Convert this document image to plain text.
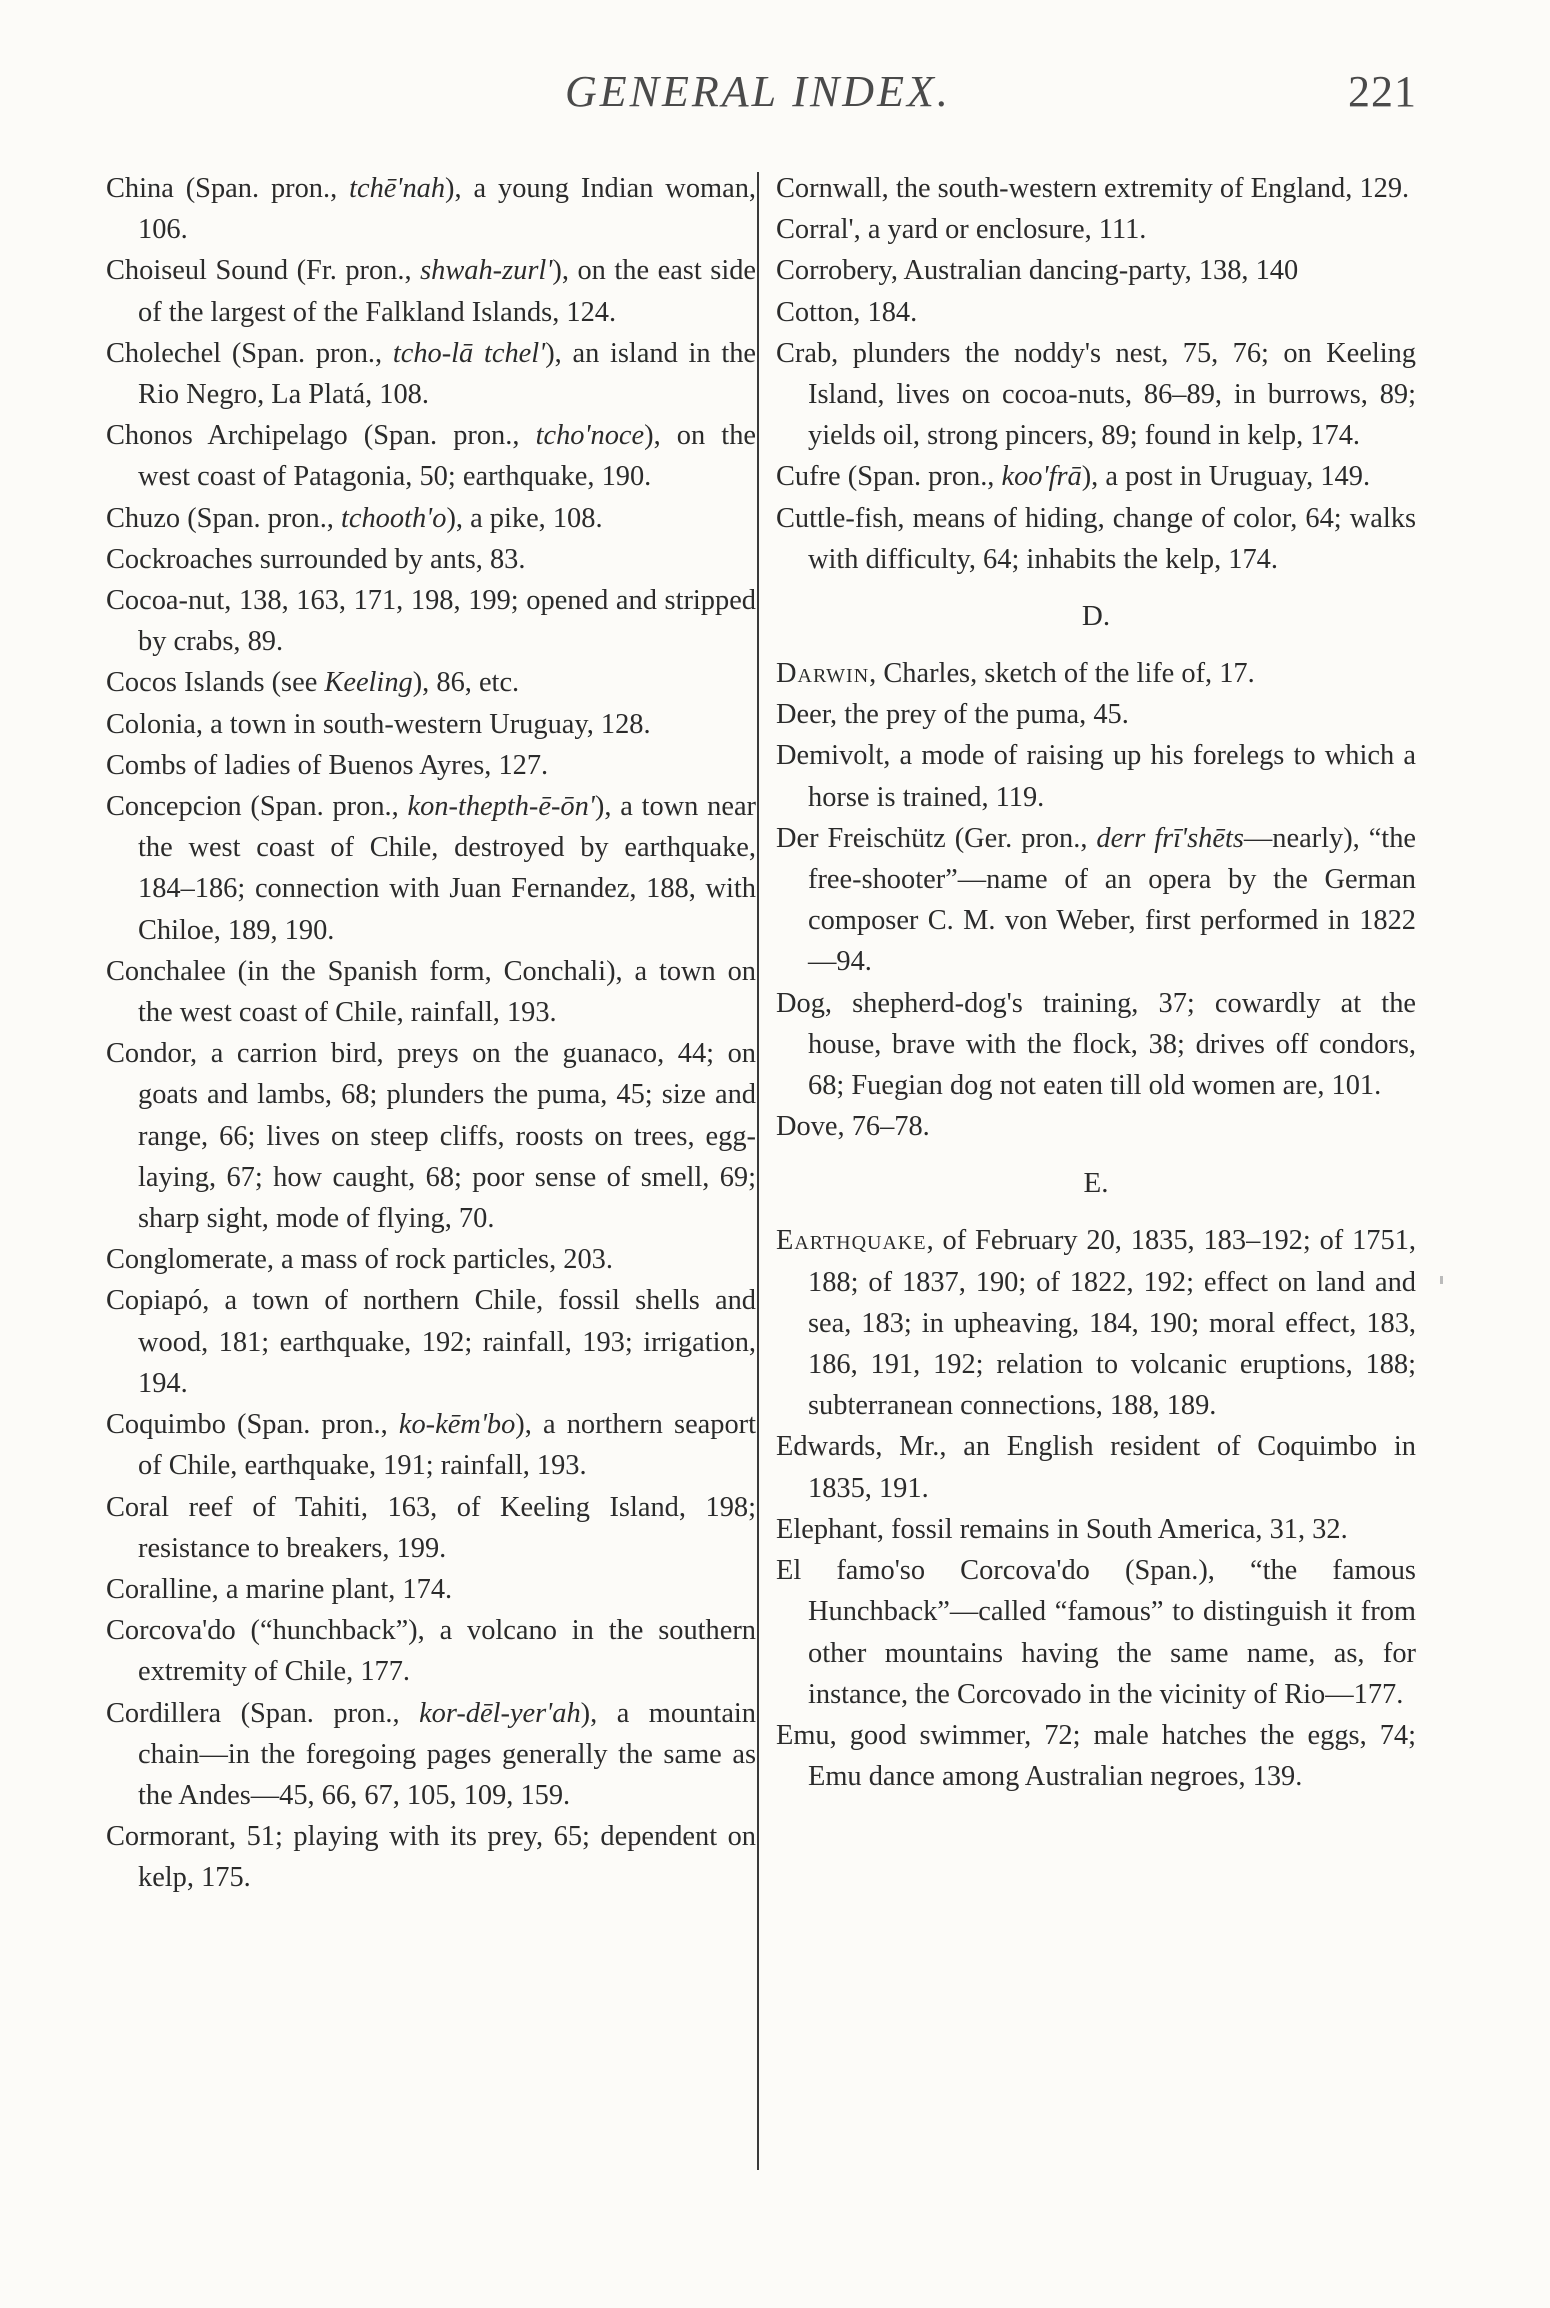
GENERAL INDEX.	221

China (Span. pron., tchē'nah), a young Indian woman, 106.

Choiseul Sound (Fr. pron., shwah-zurl'), on the east side of the largest of the Falkland Islands, 124.

Cholechel (Span. pron., tcho-lā tchel'), an island in the Rio Negro, La Platá, 108.

Chonos Archipelago (Span. pron., tcho'noce), on the west coast of Patagonia, 50; earthquake, 190.

Chuzo (Span. pron., tchooth'o), a pike, 108.

Cockroaches surrounded by ants, 83.

Cocoa-nut, 138, 163, 171, 198, 199; opened and stripped by crabs, 89.

Cocos Islands (see Keeling), 86, etc.

Colonia, a town in south-western Uruguay, 128.

Combs of ladies of Buenos Ayres, 127.

Concepcion (Span. pron., kon-thepth-ē-ōn'), a town near the west coast of Chile, destroyed by earthquake, 184–186; connection with Juan Fernandez, 188, with Chiloe, 189, 190.

Conchalee (in the Spanish form, Conchali), a town on the west coast of Chile, rainfall, 193.

Condor, a carrion bird, preys on the guanaco, 44; on goats and lambs, 68; plunders the puma, 45; size and range, 66; lives on steep cliffs, roosts on trees, egg-laying, 67; how caught, 68; poor sense of smell, 69; sharp sight, mode of flying, 70.

Conglomerate, a mass of rock particles, 203.

Copiapó, a town of northern Chile, fossil shells and wood, 181; earthquake, 192; rainfall, 193; irrigation, 194.

Coquimbo (Span. pron., ko-kēm'bo), a northern seaport of Chile, earthquake, 191; rainfall, 193.

Coral reef of Tahiti, 163, of Keeling Island, 198; resistance to breakers, 199.

Coralline, a marine plant, 174.

Corcova'do (“hunchback”), a volcano in the southern extremity of Chile, 177.

Cordillera (Span. pron., kor-dēl-yer'ah), a mountain chain—in the foregoing pages generally the same as the Andes—45, 66, 67, 105, 109, 159.

Cormorant, 51; playing with its prey, 65; dependent on kelp, 175.

Cornwall, the south-western extremity of England, 129.

Corral', a yard or enclosure, 111.

Corrobery, Australian dancing-party, 138, 140

Cotton, 184.

Crab, plunders the noddy's nest, 75, 76; on Keeling Island, lives on cocoa-nuts, 86–89, in burrows, 89; yields oil, strong pincers, 89; found in kelp, 174.

Cufre (Span. pron., koo'frā), a post in Uruguay, 149.

Cuttle-fish, means of hiding, change of color, 64; walks with difficulty, 64; inhabits the kelp, 174.

D.

Darwin, Charles, sketch of the life of, 17.

Deer, the prey of the puma, 45.

Demivolt, a mode of raising up his forelegs to which a horse is trained, 119.

Der Freischütz (Ger. pron., derr frī'shēts—nearly), “the free-shooter”—name of an opera by the German composer C. M. von Weber, first performed in 1822—94.

Dog, shepherd-dog's training, 37; cowardly at the house, brave with the flock, 38; drives off condors, 68; Fuegian dog not eaten till old women are, 101.

Dove, 76–78.

E.

Earthquake, of February 20, 1835, 183–192; of 1751, 188; of 1837, 190; of 1822, 192; effect on land and sea, 183; in upheaving, 184, 190; moral effect, 183, 186, 191, 192; relation to volcanic eruptions, 188; subterranean connections, 188, 189.

Edwards, Mr., an English resident of Coquimbo in 1835, 191.

Elephant, fossil remains in South America, 31, 32.

El famo'so Corcova'do (Span.), “the famous Hunchback”—called “famous” to distinguish it from other mountains having the same name, as, for instance, the Corcovado in the vicinity of Rio—177.

Emu, good swimmer, 72; male hatches the eggs, 74; Emu dance among Australian negroes, 139.
